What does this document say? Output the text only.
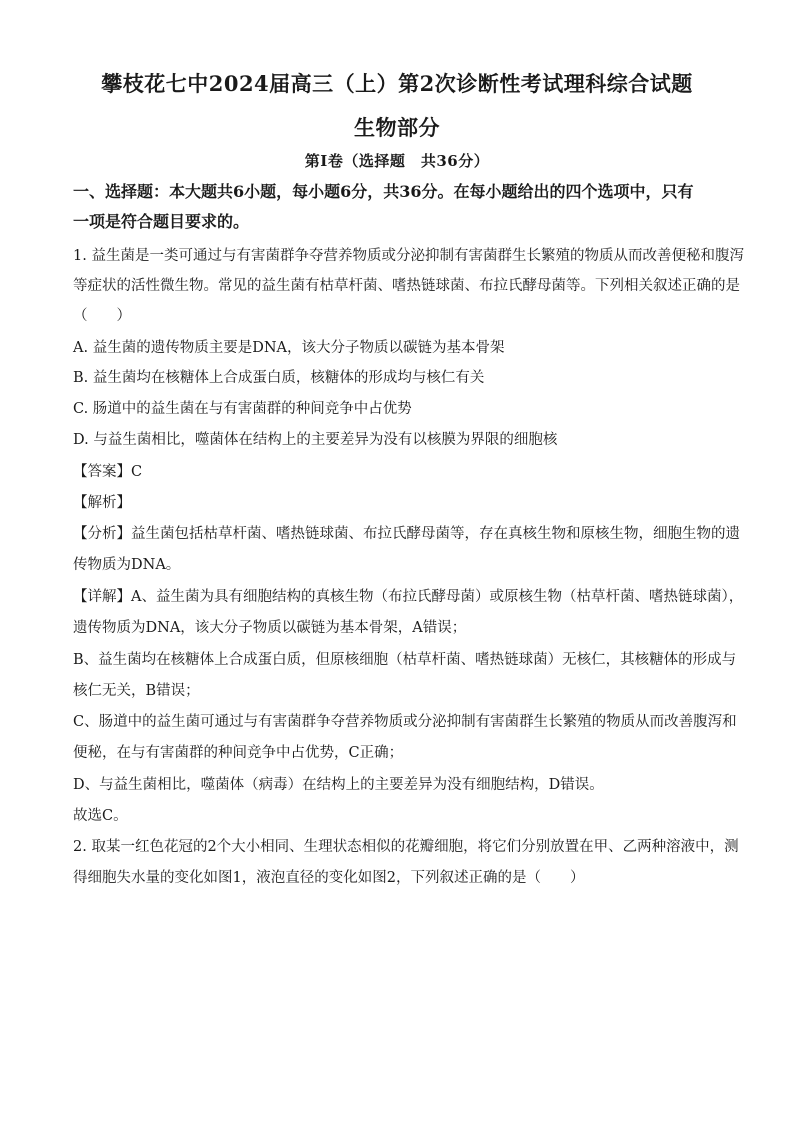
攀枝花七中2024届高三（上）第2次诊断性考试理科综合试题
生物部分
第Ⅰ卷（选择题　共36分）
一、选择题：本大题共6小题，每小题6分，共36分。在每小题给出的四个选项中，只有
一项是符合题目要求的。
1. 益生菌是一类可通过与有害菌群争夺营养物质或分泌抑制有害菌群生长繁殖的物质从而改善便秘和腹泻
等症状的活性微生物。常见的益生菌有枯草杆菌、嗜热链球菌、布拉氏酵母菌等。下列相关叙述正确的是
（　　）
A. 益生菌的遗传物质主要是DNA，该大分子物质以碳链为基本骨架
B. 益生菌均在核糖体上合成蛋白质，核糖体的形成均与核仁有关
C. 肠道中的益生菌在与有害菌群的种间竞争中占优势
D. 与益生菌相比，噬菌体在结构上的主要差异为没有以核膜为界限的细胞核
【答案】C
【解析】
【分析】益生菌包括枯草杆菌、嗜热链球菌、布拉氏酵母菌等，存在真核生物和原核生物，细胞生物的遗
传物质为DNA。
【详解】A、益生菌为具有细胞结构的真核生物（布拉氏酵母菌）或原核生物（枯草杆菌、嗜热链球菌），
遗传物质为DNA，该大分子物质以碳链为基本骨架，A错误；
B、益生菌均在核糖体上合成蛋白质，但原核细胞（枯草杆菌、嗜热链球菌）无核仁，其核糖体的形成与
核仁无关，B错误；
C、肠道中的益生菌可通过与有害菌群争夺营养物质或分泌抑制有害菌群生长繁殖的物质从而改善腹泻和
便秘，在与有害菌群的种间竞争中占优势，C正确；
D、与益生菌相比，噬菌体（病毒）在结构上的主要差异为没有细胞结构，D错误。
故选C。
2. 取某一红色花冠的2个大小相同、生理状态相似的花瓣细胞，将它们分别放置在甲、乙两种溶液中，测
得细胞失水量的变化如图1，液泡直径的变化如图2，下列叙述正确的是（　　）
